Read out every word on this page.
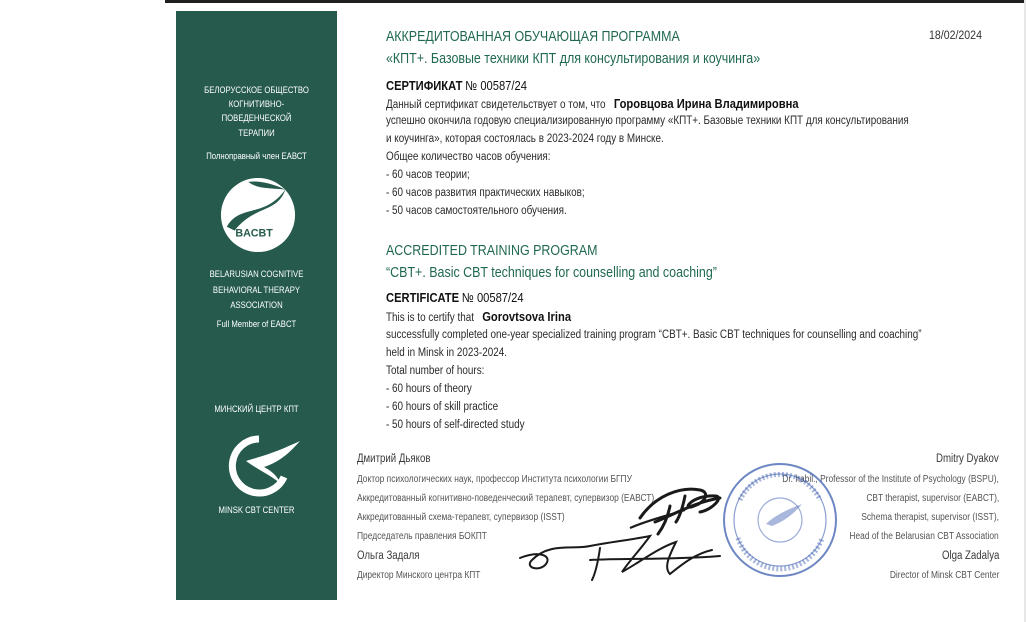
БЕЛОРУССКОЕ ОБЩЕСТВО
КОГНИТИВНО-
ПОВЕДЕНЧЕСКОЙ
ТЕРАПИИ
Полноправный член ЕАВСТ
BACBT
BELARUSIAN COGNITIVE
BEHAVIORAL THERAPY
ASSOCIATION
Full Member of EABCT
МИНСКИЙ ЦЕНТР КПТ
MINSK CBT CENTER
АККРЕДИТОВАННАЯ ОБУЧАЮЩАЯ ПРОГРАММА
«КПТ+. Базовые техники КПТ для консультирования и коучинга»
18/02/2024
СЕРТИФИКАТ № 00587/24
Данный сертификат свидетельствует о том, что Горовцова Ирина Владимировна
успешно окончила годовую специализированную программу «КПТ+. Базовые техники КПТ для консультирования
и коучинга», которая состоялась в 2023-2024 году в Минске.
Общее количество часов обучения:
- 60 часов теории;
- 60 часов развития практических навыков;
- 50 часов самостоятельного обучения.
ACCREDITED TRAINING PROGRAM
“CBT+. Basic CBT techniques for counselling and coaching”
CERTIFICATE № 00587/24
This is to certify that Gorovtsova Irina
successfully completed one-year specialized training program “CBT+. Basic CBT techniques for counselling and coaching”
held in Minsk in 2023-2024.
Total number of hours:
- 60 hours of theory
- 60 hours of skill practice
- 50 hours of self-directed study
Дмитрий Дьяков
Доктор психологических наук, профессор Института психологии БГПУ
Аккредитованный когнитивно-поведенческий терапевт, супервизор (ЕАВСТ)
Аккредитованный схема-терапевт, супервизор (ISST)
Председатель правления БОКПТ
Ольга Задаля
Директор Минского центра КПТ
Dmitry Dyakov
Dr. habil., Professor of the Institute of Psychology (BSPU),
CBT therapist, supervisor (EABCT),
Schema therapist, supervisor (ISST),
Head of the Belarusian CBT Association
Olga Zadalya
Director of Minsk CBT Center
